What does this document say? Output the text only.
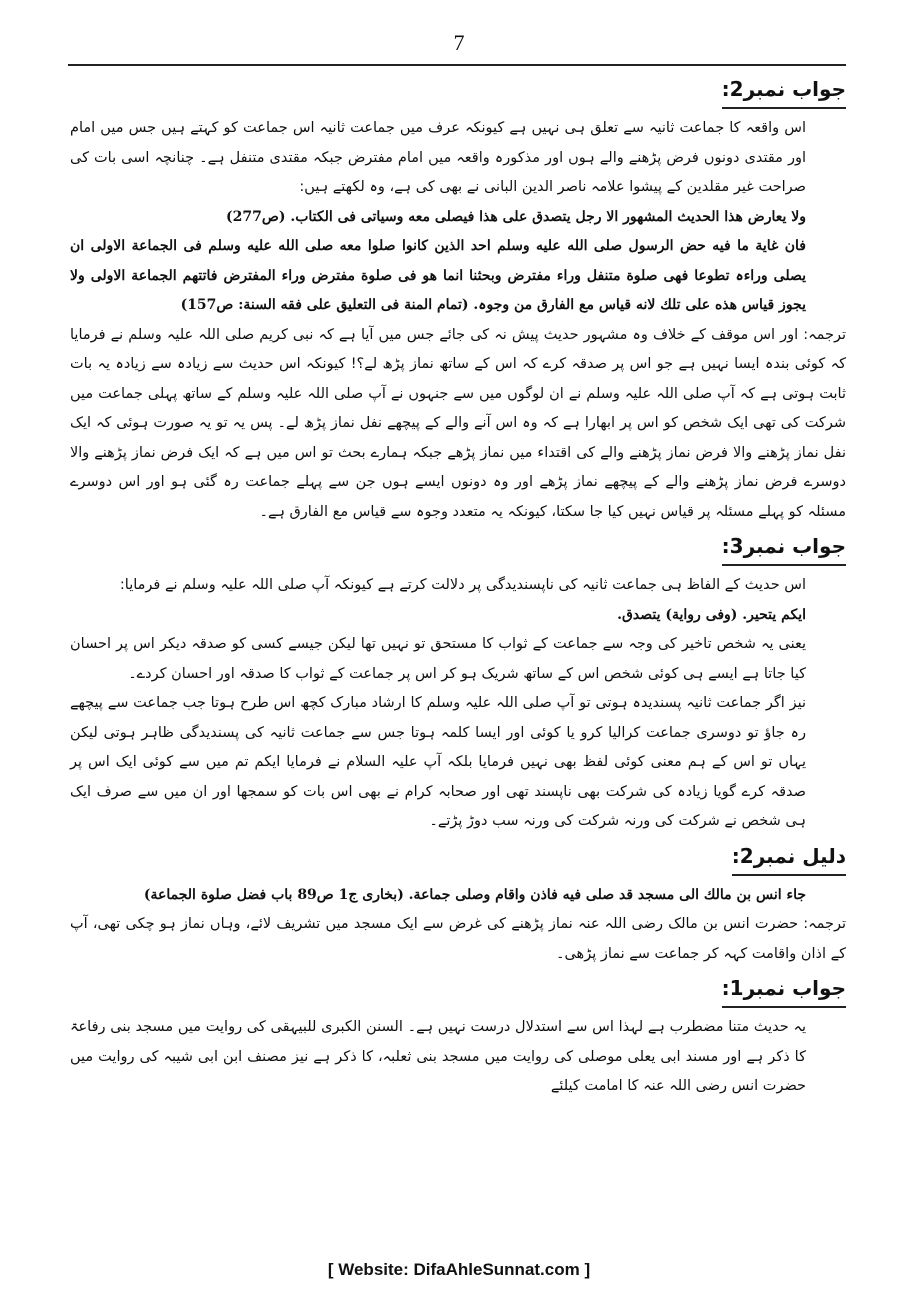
7
جواب نمبر2:

اس واقعہ کا جماعت ثانیہ سے تعلق ہی نہیں ہے کیونکہ عرف میں جماعت ثانیہ اس جماعت کو کہتے ہیں جس میں امام اور مقتدی دونوں فرض پڑھنے والے ہوں اور مذکورہ واقعہ میں امام مفترض جبکہ مقتدی متنفل ہے۔ چنانچہ اسی بات کی صراحت غیر مقلدین کے پیشوا علامہ ناصر الدین البانی نے بھی کی ہے، وہ لکھتے ہیں:

ولا یعارض ھذا الحدیث المشھور الا رجل یتصدق علی ھذا فیصلی معه وسیاتی فی الکتاب. (ص277)

فان غایة ما فیه حض الرسول صلی الله علیه وسلم احد الذین کانوا صلوا معه صلی الله علیه وسلم فی الجماعة الاولی ان یصلی وراءہ تطوعا فھی صلوة متنفل وراء مفترض وبحثنا انما ھو فی صلوة مفترض وراء المفترض فاتتھم الجماعة الاولی ولا یجوز قیاس ھذه علی تلك لانه قیاس مع الفارق من وجوہ. (تمام المنة فی التعلیق علی فقه السنة: ص157)

ترجمہ: اور اس موقف کے خلاف وہ مشہور حدیث پیش نہ کی جائے جس میں آیا ہے کہ نبی کریم صلی اللہ علیہ وسلم نے فرمایا کہ کوئی بندہ ایسا نہیں ہے جو اس پر صدقہ کرے کہ اس کے ساتھ نماز پڑھ لے؟! کیونکہ اس حدیث سے زیادہ سے زیادہ یہ بات ثابت ہوتی ہے کہ آپ صلی اللہ علیہ وسلم نے ان لوگوں میں سے جنہوں نے آپ صلی اللہ علیہ وسلم کے ساتھ پہلی جماعت میں شرکت کی تھی ایک شخص کو اس پر ابھارا ہے کہ وہ اس آنے والے کے پیچھے نفل نماز پڑھ لے۔ پس یہ تو یہ صورت ہوئی کہ ایک نفل نماز پڑھنے والا فرض نماز پڑھنے والے کی اقتداء میں نماز پڑھے جبکہ ہمارے بحث تو اس میں ہے کہ ایک فرض نماز پڑھنے والا دوسرے فرض نماز پڑھنے والے کے پیچھے نماز پڑھے اور وہ دونوں ایسے ہوں جن سے پہلے جماعت رہ گئی ہو اور اس دوسرے مسئلہ کو پہلے مسئلہ پر قیاس نہیں کیا جا سکتا، کیونکہ یہ متعدد وجوہ سے قیاس مع الفارق ہے۔

جواب نمبر3:

اس حدیث کے الفاظ ہی جماعت ثانیہ کی ناپسندیدگی پر دلالت کرتے ہے کیونکہ آپ صلی اللہ علیہ وسلم نے فرمایا:

ایکم یتحیر. (وفی روایة) یتصدق.

یعنی یہ شخص تاخیر کی وجہ سے جماعت کے ثواب کا مستحق تو نہیں تھا لیکن جیسے کسی کو صدقہ دیکر اس پر احسان کیا جاتا ہے ایسے ہی کوئی شخص اس کے ساتھ شریک ہو کر اس پر جماعت کے ثواب کا صدقہ اور احسان کردے۔

نیز اگر جماعت ثانیہ پسندیدہ ہوتی تو آپ صلی اللہ علیہ وسلم کا ارشاد مبارک کچھ اس طرح ہوتا جب جماعت سے پیچھے رہ جاؤ تو دوسری جماعت کرالیا کرو یا کوئی اور ایسا کلمہ ہوتا جس سے جماعت ثانیہ کی پسندیدگی ظاہر ہوتی لیکن یہاں تو اس کے ہم معنی کوئی لفظ بھی نہیں فرمایا بلکہ آپ علیہ السلام نے فرمایا ایکم تم میں سے کوئی ایک اس پر صدقہ کرے گویا زیادہ کی شرکت بھی ناپسند تھی اور صحابہ کرام نے بھی اس بات کو سمجھا اور ان میں سے صرف ایک ہی شخص نے شرکت کی ورنہ شرکت کی ورنہ سب دوڑ پڑتے۔

دلیل نمبر2:

جاء انس بن مالك الی مسجد قد صلی فیه فاذن واقام وصلی جماعة. (بخاری ج1 ص89 باب فضل صلوة الجماعة)

ترجمہ: حضرت انس بن مالک رضی اللہ عنہ نماز پڑھنے کی غرض سے ایک مسجد میں تشریف لائے، وہاں نماز ہو چکی تھی، آپ کے اذان واقامت کہہ کر جماعت سے نماز پڑھی۔

جواب نمبر1:

یہ حدیث متنا مضطرب ہے لہذا اس سے استدلال درست نہیں ہے۔ السنن الکبری للبیہقی کی روایت میں مسجد بنی رفاعۃ کا ذکر ہے اور مسند ابی یعلی موصلی کی روایت میں مسجد بنی ثعلبہ، کا ذکر ہے نیز مصنف ابن ابی شیبہ کی روایت میں حضرت انس رضی اللہ عنہ کا امامت کیلئے

[ Website: DifaAhleSunnat.com ]
